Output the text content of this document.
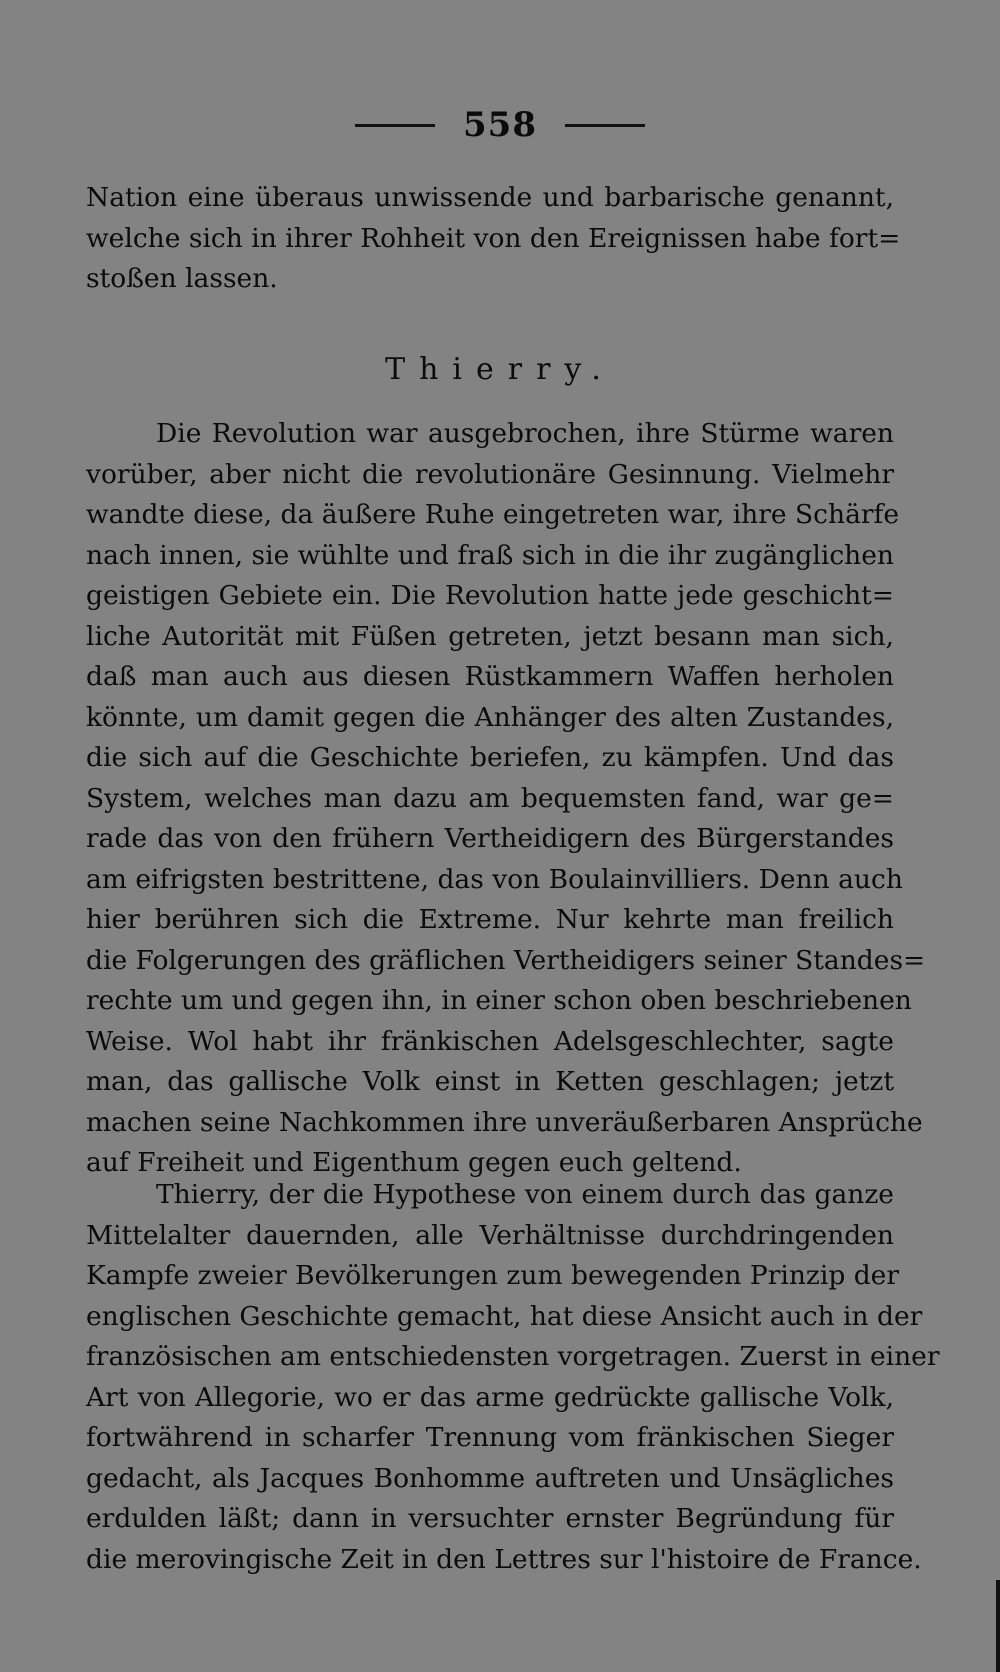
558
Nation eine überaus unwissende und barbarische genannt,
welche sich in ihrer Rohheit von den Ereignissen habe fort=
stoßen lassen.
Thierry.
Die Revolution war ausgebrochen, ihre Stürme waren
vorüber, aber nicht die revolutionäre Gesinnung. Vielmehr
wandte diese, da äußere Ruhe eingetreten war, ihre Schärfe
nach innen, sie wühlte und fraß sich in die ihr zugänglichen
geistigen Gebiete ein. Die Revolution hatte jede geschicht=
liche Autorität mit Füßen getreten, jetzt besann man sich,
daß man auch aus diesen Rüstkammern Waffen herholen
könnte, um damit gegen die Anhänger des alten Zustandes,
die sich auf die Geschichte beriefen, zu kämpfen. Und das
System, welches man dazu am bequemsten fand, war ge=
rade das von den frühern Vertheidigern des Bürgerstandes
am eifrigsten bestrittene, das von Boulainvilliers. Denn auch
hier berühren sich die Extreme. Nur kehrte man freilich
die Folgerungen des gräflichen Vertheidigers seiner Standes=
rechte um und gegen ihn, in einer schon oben beschriebenen
Weise. Wol habt ihr fränkischen Adelsgeschlechter, sagte
man, das gallische Volk einst in Ketten geschlagen; jetzt
machen seine Nachkommen ihre unveräußerbaren Ansprüche
auf Freiheit und Eigenthum gegen euch geltend.
Thierry, der die Hypothese von einem durch das ganze
Mittelalter dauernden, alle Verhältnisse durchdringenden
Kampfe zweier Bevölkerungen zum bewegenden Prinzip der
englischen Geschichte gemacht, hat diese Ansicht auch in der
französischen am entschiedensten vorgetragen. Zuerst in einer
Art von Allegorie, wo er das arme gedrückte gallische Volk,
fortwährend in scharfer Trennung vom fränkischen Sieger
gedacht, als Jacques Bonhomme auftreten und Unsägliches
erdulden läßt; dann in versuchter ernster Begründung für
die merovingische Zeit in den Lettres sur l'histoire de France.
